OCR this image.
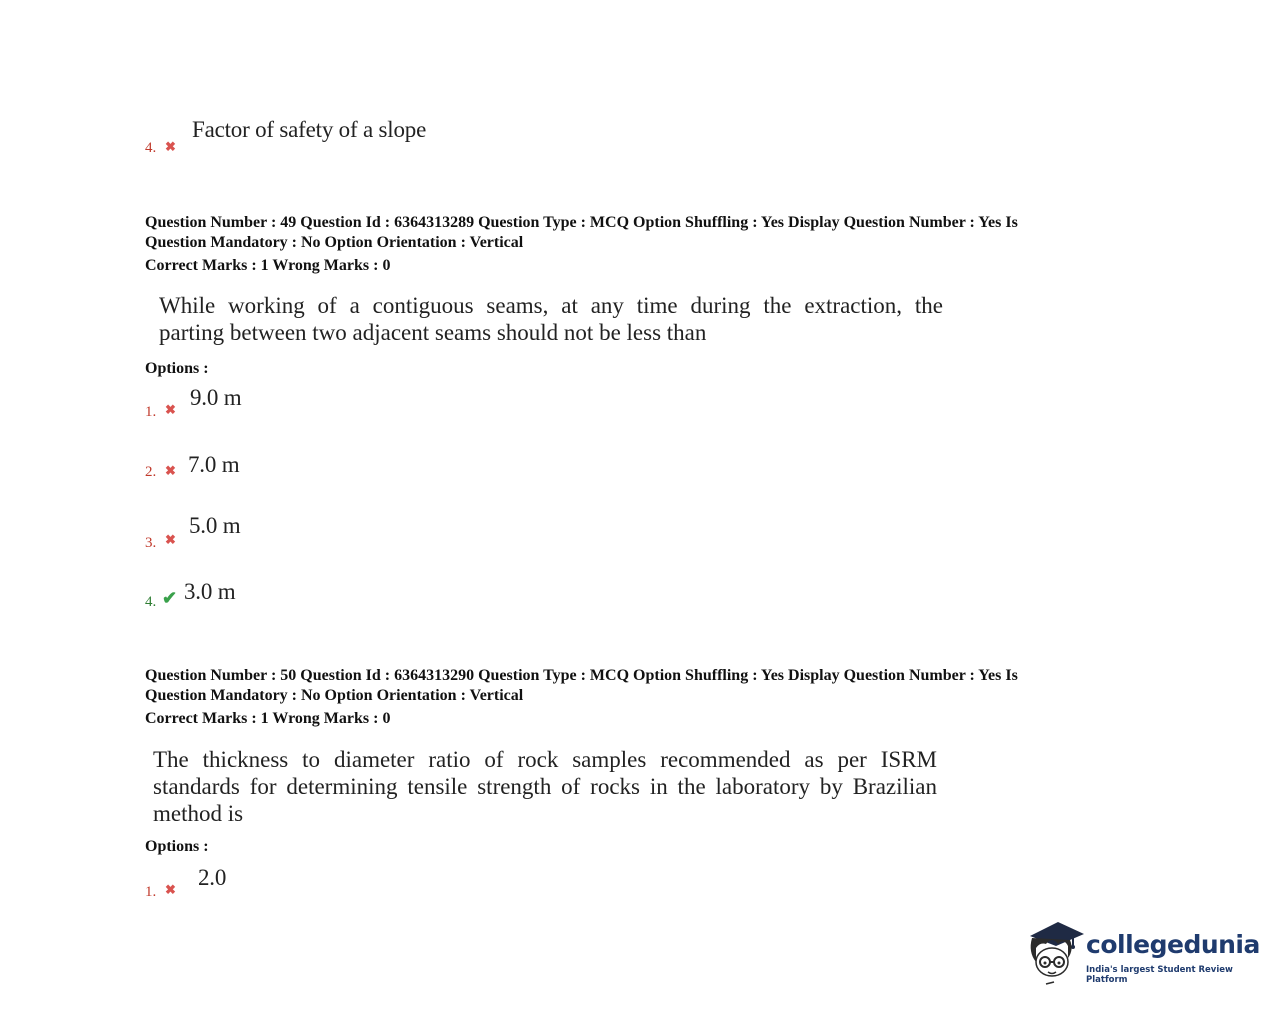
4. ✖
Factor of safety of a slope
Question Number : 49 Question Id : 6364313289 Question Type : MCQ Option Shuffling : Yes Display Question Number : Yes Is
Question Mandatory : No Option Orientation : Vertical
Correct Marks : 1 Wrong Marks : 0
While working of a contiguous seams, at any time during the extraction, the
parting between two adjacent seams should not be less than
Options :
1. ✖ 9.0 m
2. ✖ 7.0 m
3. ✖
5.0 m
4. ✔ 3.0 m
Question Number : 50 Question Id : 6364313290 Question Type : MCQ Option Shuffling : Yes Display Question Number : Yes Is
Question Mandatory : No Option Orientation : Vertical
Correct Marks : 1 Wrong Marks : 0
The thickness to diameter ratio of rock samples recommended as per ISRM
standards for determining tensile strength of rocks in the laboratory by Brazilian
method is
Options :
1. ✖ 2.0
collegedunia
India's largest Student Review Platform
